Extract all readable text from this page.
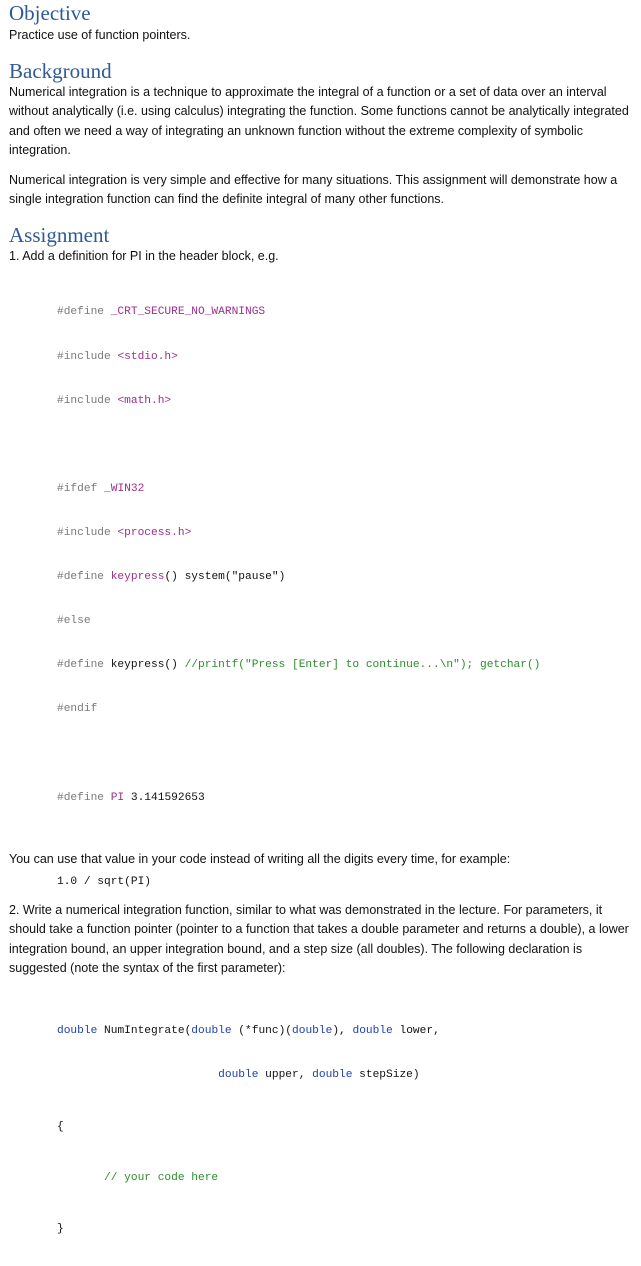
Objective

Practice use of function pointers.

Background

Numerical integration is a technique to approximate the integral of a function or a set of data over an interval without analytically (i.e. using calculus) integrating the function. Some functions cannot be analytically integrated and often we need a way of integrating an unknown function without the extreme complexity of symbolic integration.

Numerical integration is very simple and effective for many situations. This assignment will demonstrate how a single integration function can find the definite integral of many other functions.

Assignment

1. Add a definition for PI in the header block, e.g.

#define _CRT_SECURE_NO_WARNINGS

#include <stdio.h>

#include <math.h>

#ifdef _WIN32

#include <process.h>

#define keypress() system("pause")

#else

#define keypress() //printf("Press [Enter] to continue...\n"); getchar()

#endif

#define PI 3.141592653

You can use that value in your code instead of writing all the digits every time, for example:

1.0 / sqrt(PI)

2. Write a numerical integration function, similar to what was demonstrated in the lecture. For parameters, it should take a function pointer (pointer to a function that takes a double parameter and returns a double), a lower integration bound, an upper integration bound, and a step size (all doubles). The following declaration is suggested (note the syntax of the first parameter):

double NumIntegrate(double (*func)(double), double lower,

double upper, double stepSize)

{

// your code here

}
